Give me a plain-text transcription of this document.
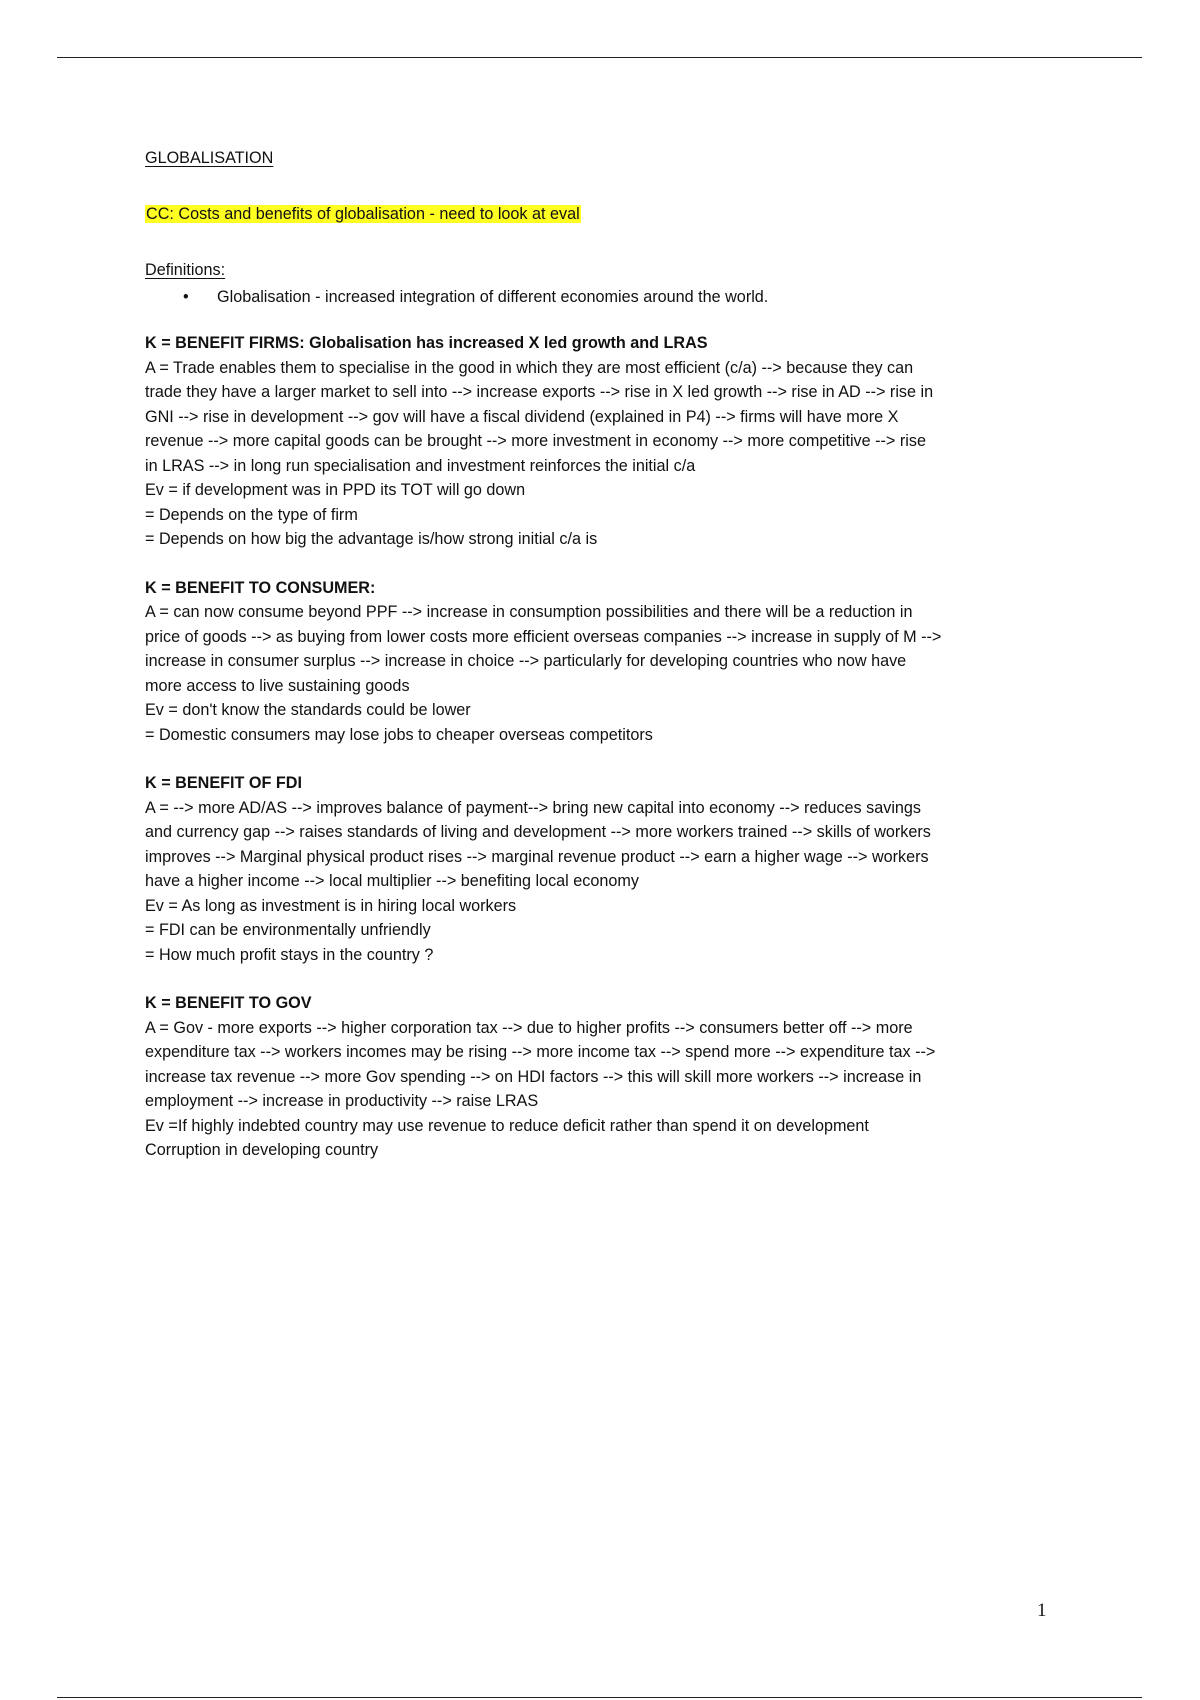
GLOBALISATION
CC: Costs and benefits of globalisation - need to look at eval
Definitions:
• Globalisation - increased integration of different economies around the world.
K = BENEFIT FIRMS: Globalisation has increased X led growth and LRAS
A = Trade enables them to specialise in the good in which they are most efficient (c/a) --> because they can
trade they have a larger market to sell into --> increase exports --> rise in X led growth --> rise in AD --> rise in
GNI --> rise in development --> gov will have a fiscal dividend (explained in P4) --> firms will have more X
revenue --> more capital goods can be brought --> more investment in economy --> more competitive --> rise
in LRAS --> in long run specialisation and investment reinforces the initial c/a
Ev = if development was in PPD its TOT will go down
= Depends on the type of firm
= Depends on how big the advantage is/how strong initial c/a is
K = BENEFIT TO CONSUMER:
A = can now consume beyond PPF --> increase in consumption possibilities and there will be a reduction in
price of goods --> as buying from lower costs more efficient overseas companies --> increase in supply of M -->
increase in consumer surplus --> increase in choice --> particularly for developing countries who now have
more access to live sustaining goods
Ev = don't know the standards could be lower
= Domestic consumers may lose jobs to cheaper overseas competitors
K = BENEFIT OF FDI
A = --> more AD/AS --> improves balance of payment--> bring new capital into economy --> reduces savings
and currency gap --> raises standards of living and development --> more workers trained --> skills of workers
improves --> Marginal physical product rises --> marginal revenue product --> earn a higher wage --> workers
have a higher income --> local multiplier --> benefiting local economy
Ev = As long as investment is in hiring local workers
= FDI can be environmentally unfriendly
= How much profit stays in the country ?
K = BENEFIT TO GOV
A = Gov - more exports --> higher corporation tax --> due to higher profits --> consumers better off --> more
expenditure tax --> workers incomes may be rising --> more income tax --> spend more --> expenditure tax -->
increase tax revenue --> more Gov spending --> on HDI factors --> this will skill more workers --> increase in
employment --> increase in productivity --> raise LRAS
Ev =If highly indebted country may use revenue to reduce deficit rather than spend it on development
Corruption in developing country
1
